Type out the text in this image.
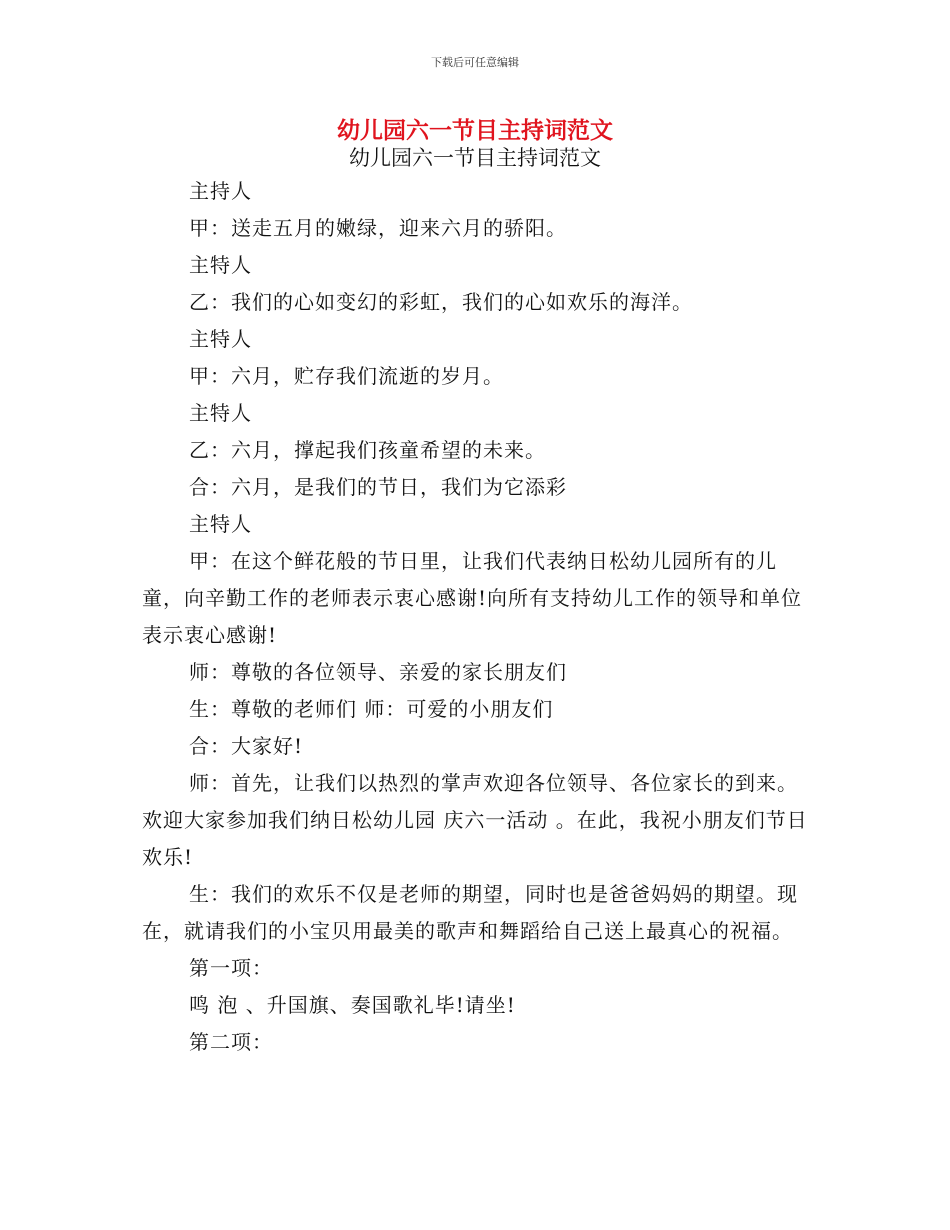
下载后可任意编辑
幼儿园六一节目主持词范文
幼儿园六一节目主持词范文

主持人

甲：送走五月的嫩绿，迎来六月的骄阳。

主特人

乙：我们的心如变幻的彩虹，我们的心如欢乐的海洋。

主特人

甲：六月，贮存我们流逝的岁月。

主特人

乙：六月，撑起我们孩童希望的未来。

合：六月，是我们的节日，我们为它添彩

主特人

甲：在这个鲜花般的节日里，让我们代表纳日松幼儿园所有的儿童，向辛勤工作的老师表示衷心感谢!向所有支持幼儿工作的领导和单位表示衷心感谢!

师：尊敬的各位领导、亲爱的家长朋友们

生：尊敬的老师们 师：可爱的小朋友们

合：大家好!

师：首先，让我们以热烈的掌声欢迎各位领导、各位家长的到来。欢迎大家参加我们纳日松幼儿园 庆六一活动 。在此，我祝小朋友们节日欢乐!

生：我们的欢乐不仅是老师的期望，同时也是爸爸妈妈的期望。现在，就请我们的小宝贝用最美的歌声和舞蹈给自己送上最真心的祝福。

第一项：

鸣 泡 、升国旗、奏国歌礼毕!请坐!

第二项：
